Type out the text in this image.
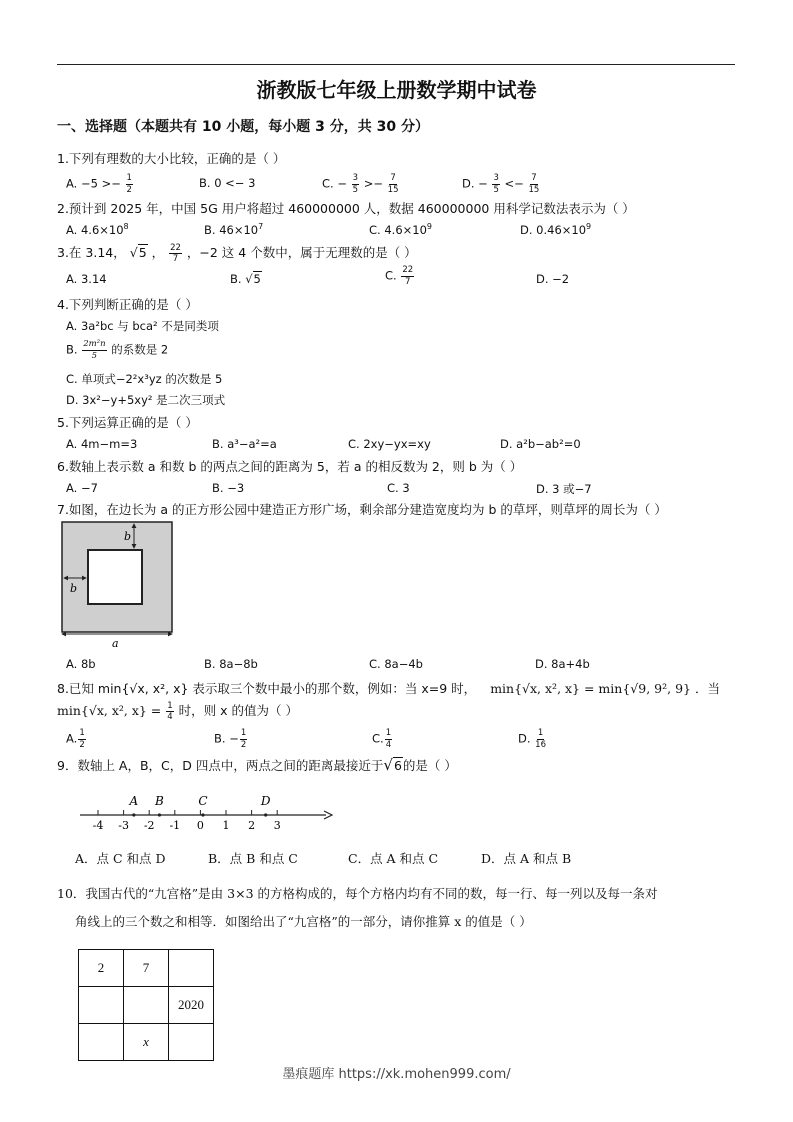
浙教版七年级上册数学期中试卷
一、选择题（本题共有 10 小题，每小题 3 分，共 30 分）
1.下列有理数的大小比较，正确的是（ ）
A. $-5 >- \frac{1}{2}$	B. 0 <− 3	C. − $\frac{3}{5} >- \frac{7}{15}$	D. − $\frac{3}{5} <- \frac{7}{15}$
2.预计到 2025 年，中国 5G 用户将超过 460000000 人，数据 460000000 用科学记数法表示为（ ）
A. $4.6\times 10^8$	B. $46\times 10^7$	C. $4.6\times 10^9$	D. $0.46\times 10^9$
3.在 3.14， √5 ， $\frac{22}{7}$ ，−2 这 4 个数中，属于无理数的是（ ）
A. 3.14	B. √5	C. $\frac{22}{7}$	D. −2
4.下列判断正确的是（ ）
A. 3a²bc 与 bca² 不是同类项
B. $\frac{\text{2m²n}}{5}$ 的系数是 2
C. 单项式−2²x³yz 的次数是 5
D. 3x²−y+5xy² 是二次三项式
5.下列运算正确的是（ ）
A. 4m−m=3	B. a³−a²=a	C. 2xy−yx=xy	D. a²b−ab²=0
6.数轴上表示数 a 和数 b 的两点之间的距离为 5，若 a 的相反数为 2，则 b 为（ ）
A. −7	B. −3	C. 3	D. 3 或−7
7.如图，在边长为 a 的正方形公园中建造正方形广场，剩余部分建造宽度均为 b 的草坪，则草坪的周长为（ ）
b
b
a
A. 8b	B. 8a−8b	C. 8a−4b	D. 8a+4b
8.已知 min{√x, x², x} 表示取三个数中最小的那个数，例如：当 x=9 时， min{√x, x², x} = min{√9, 9², 9} ．当
min{√x, x², $x\} = \frac{1}{4}$ 时，则 x 的值为（ ）
A. $\frac{1}{2}$	B. − $\frac{1}{2}$	C. $\frac{1}{4}$	D. $\frac{1}{16}$
9．数轴上 A，B，C，D 四点中，两点之间的距离最接近于√6的是（ ）
-4 -3 -2 -1 0 1 2 3
A B	C	D
A．点 C 和点 D	B．点 B 和点 C	C．点 A 和点 C	D．点 A 和点 B
10．我国古代的“九宫格”是由 3×3 的方格构成的，每个方格内均有不同的数，每一行、每一列以及每一条对
角线上的三个数之和相等．如图给出了“九宫格”的一部分，请你推算 x 的值是（ ）
2	7	
		2020
	x	
墨痕题库 https://xk.mohen999.com/
